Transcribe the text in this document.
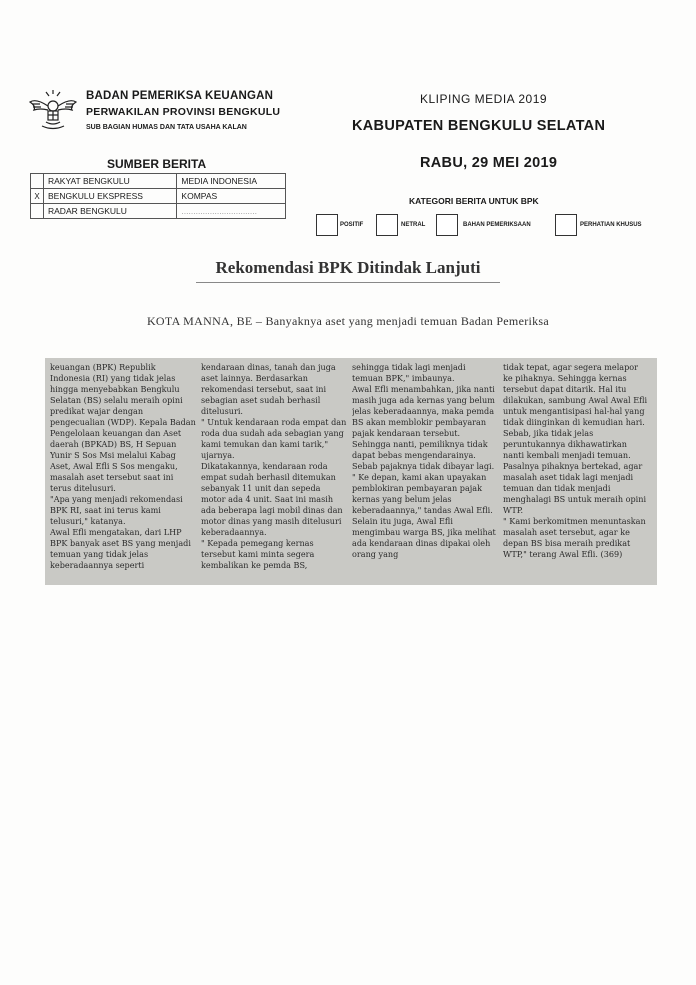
BADAN PEMERIKSA KEUANGAN
PERWAKILAN PROVINSI BENGKULU
SUB BAGIAN HUMAS DAN TATA USAHA KALAN
KLIPING MEDIA 2019
KABUPATEN BENGKULU SELATAN
SUMBER BERITA	RABU, 29 MEI 2019
	RAKYAT BENGKULU	MEDIA INDONESIA
X	BENGKULU EKSPRESS	KOMPAS
	RADAR BENGKULU	................................
KATEGORI BERITA UNTUK BPK
POSITIF	NETRAL	BAHAN PEMERIKSAAN	PERHATIAN KHUSUS
Rekomendasi BPK Ditindak Lanjuti
KOTA MANNA, BE – Banyaknya aset yang menjadi temuan Badan Pemeriksa

keuangan (BPK) Republik Indonesia (RI) yang tidak jelas hingga menyebabkan Bengkulu Selatan (BS) selalu meraih opini predikat wajar dengan pengecualian (WDP). Kepala Badan Pengelolaan keuangan dan Aset daerah (BPKAD) BS, H Sepuan Yunir S Sos Msi melalui Kabag Aset, Awal Efli S Sos mengaku, masalah aset tersebut saat ini terus ditelusuri.
"Apa yang menjadi rekomendasi BPK RI, saat ini terus kami telusuri," katanya.
Awal Efli mengatakan, dari LHP BPK banyak aset BS yang menjadi temuan yang tidak jelas keberadaannya seperti

kendaraan dinas, tanah dan juga aset lainnya. Berdasarkan rekomendasi tersebut, saat ini sebagian aset sudah berhasil ditelusuri.
" Untuk kendaraan roda empat dan roda dua sudah ada sebagian yang kami temukan dan kami tarik," ujarnya.
Dikatakannya, kendaraan roda empat sudah berhasil ditemukan sebanyak 11 unit dan sepeda motor ada 4 unit. Saat ini masih ada beberapa lagi mobil dinas dan motor dinas yang masih ditelusuri keberadaannya.
" Kepada pemegang kernas tersebut kami minta segera kembalikan ke pemda BS,

sehingga tidak lagi menjadi temuan BPK," imbaunya.
Awal Efli menambahkan, jika nanti masih juga ada kernas yang belum jelas keberadaannya, maka pemda BS akan memblokir pembayaran pajak kendaraan tersebut. Sehingga nanti, pemiliknya tidak dapat bebas mengendarainya. Sebab pajaknya tidak dibayar lagi.
" Ke depan, kami akan upayakan pemblokiran pembayaran pajak kernas yang belum jelas keberadaannya," tandas Awal Efli.
Selain itu juga, Awal Efli mengimbau warga BS, jika melihat ada kendaraan dinas dipakai oleh orang yang

tidak tepat, agar segera melapor ke pihaknya. Sehingga kernas tersebut dapat ditarik. Hal itu dilakukan, sambung Awal Awal Efli untuk mengantisipasi hal-hal yang tidak diinginkan di kemudian hari. Sebab, jika tidak jelas peruntukannya dikhawatirkan nanti kembali menjadi temuan. Pasalnya pihaknya bertekad, agar masalah aset tidak lagi menjadi temuan dan tidak menjadi menghalagi BS untuk meraih opini WTP.
" Kami berkomitmen menuntaskan masalah aset tersebut, agar ke depan BS bisa meraih predikat WTP," terang Awal Efli. (369)
